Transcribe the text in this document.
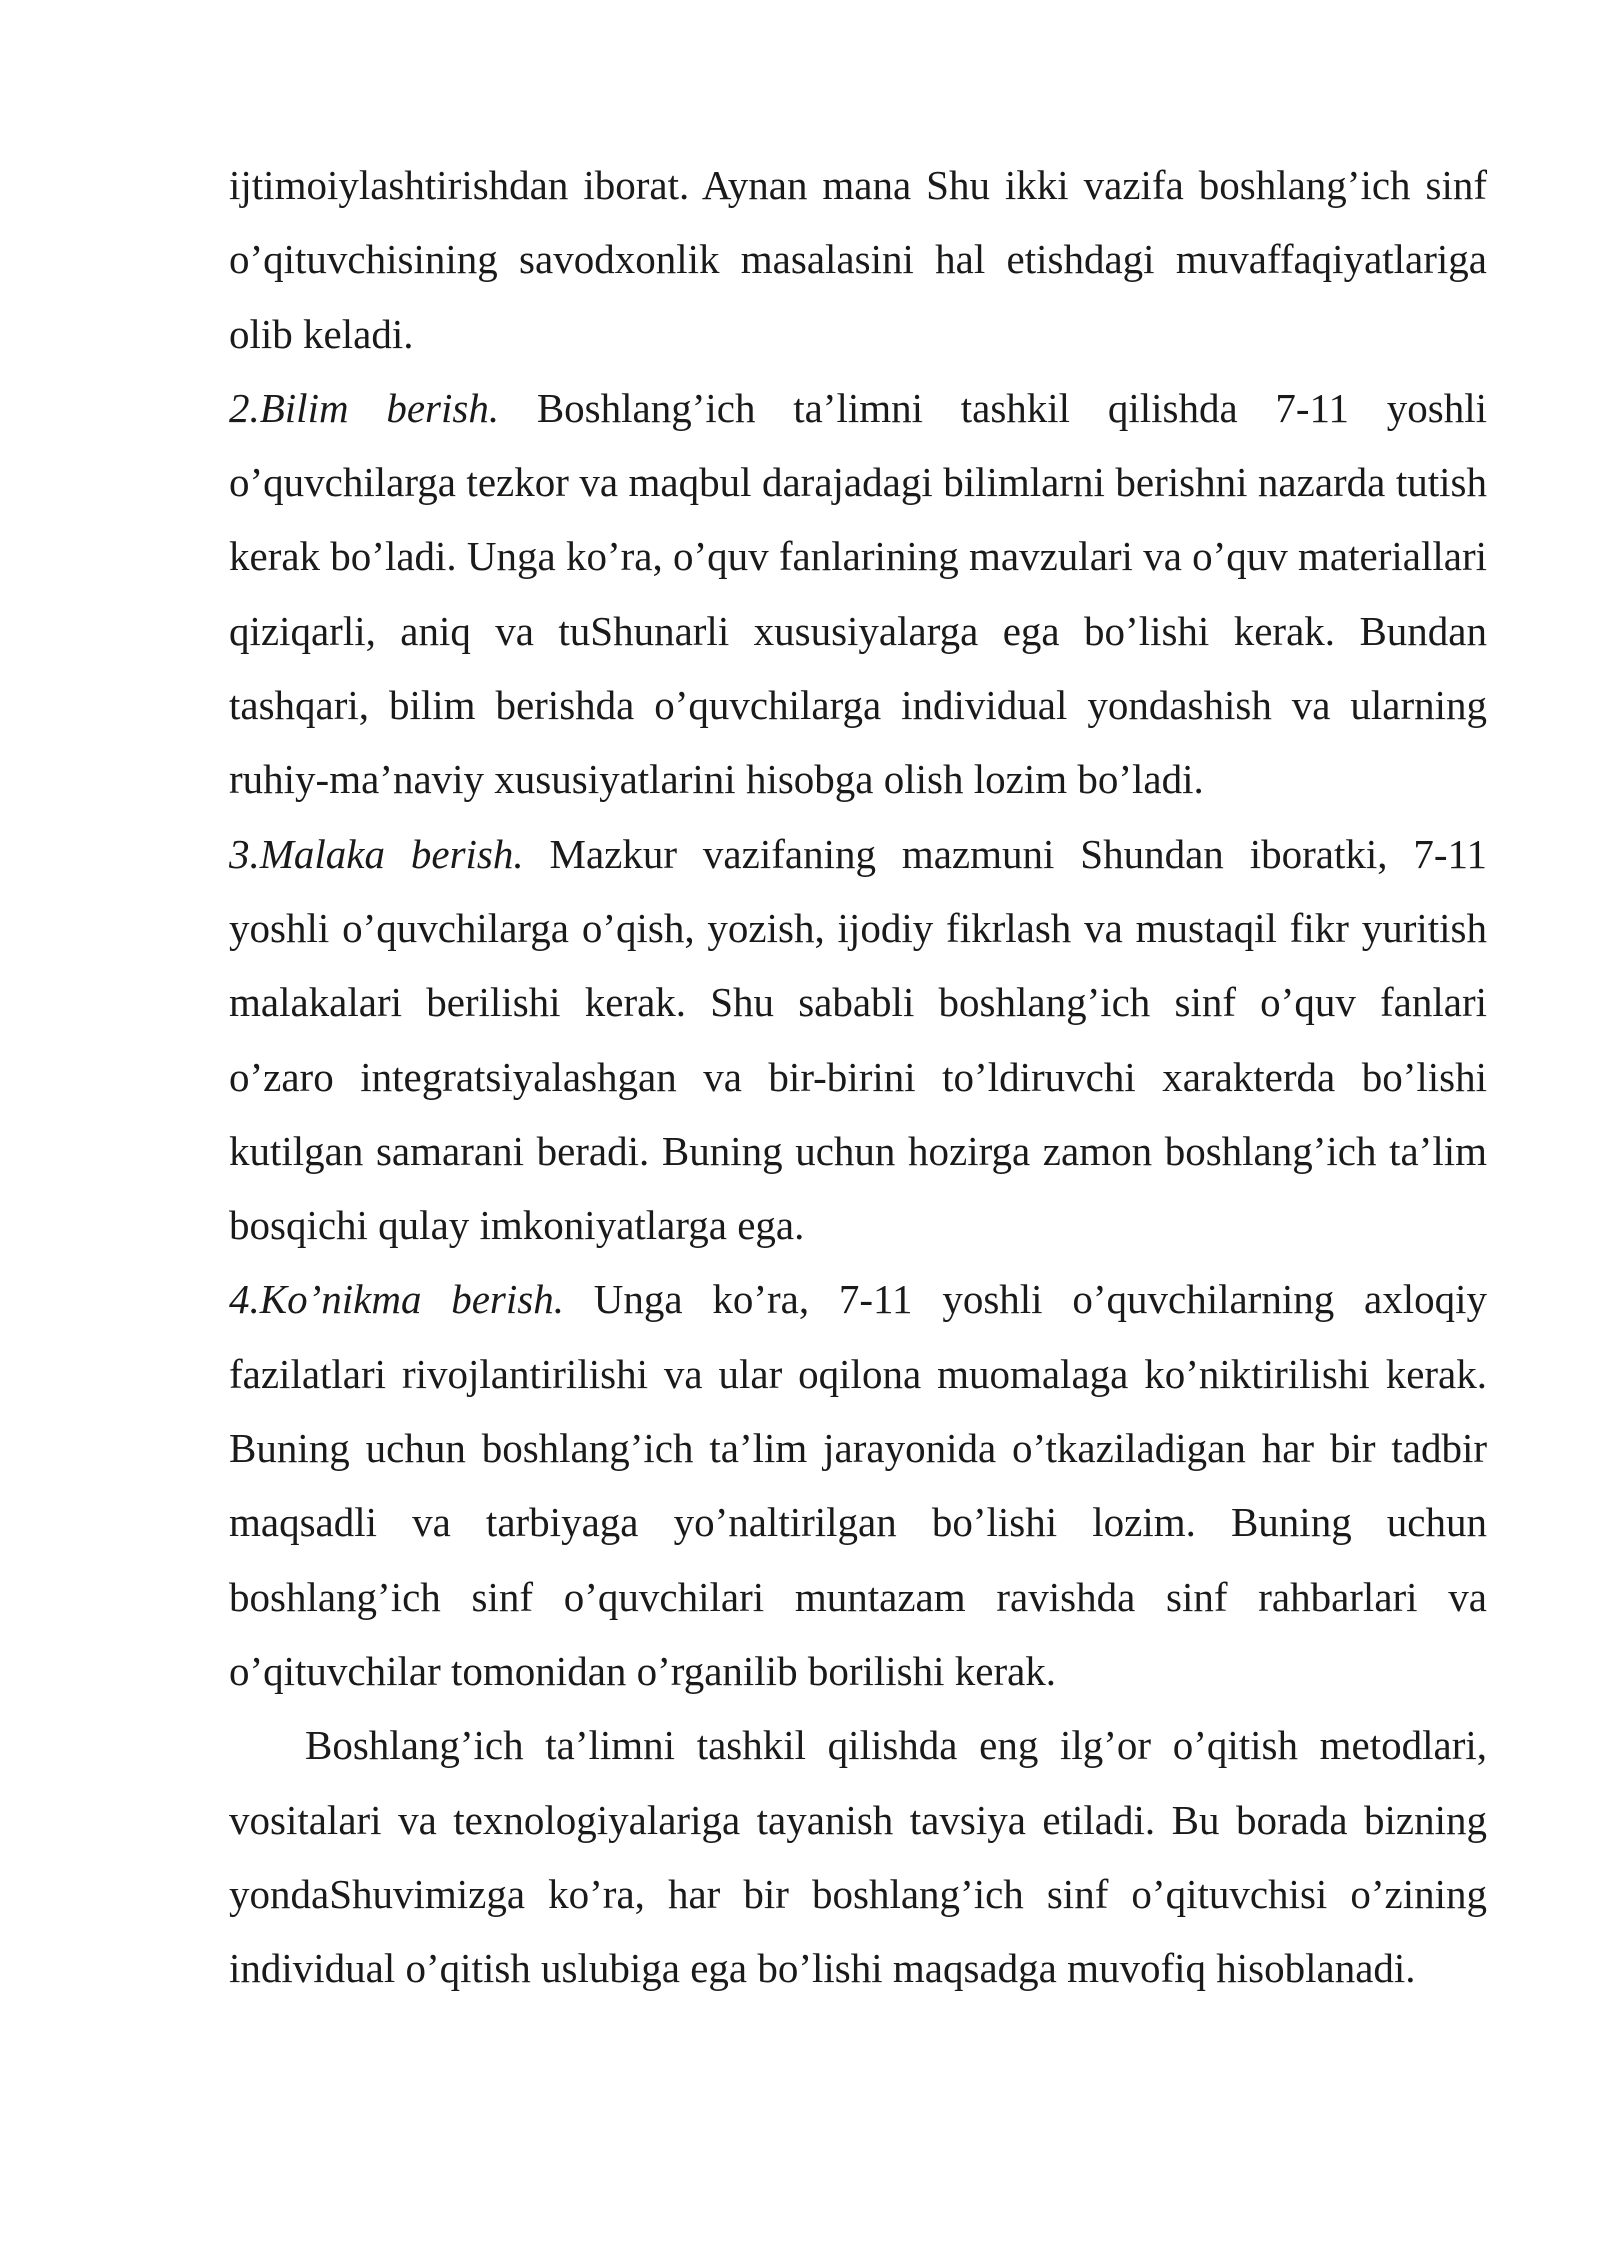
ijtimoiylashtirishdan iborat. Aynan mana Shu ikki vazifa boshlang’ich sinf o’qituvchisining savodxonlik masalasini hal etishdagi muvaffaqiyatlariga olib keladi.

2.Bilim berish. Boshlang’ich ta’limni tashkil qilishda 7-11 yoshli o’quvchilarga tezkor va maqbul darajadagi bilimlarni berishni nazarda tutish kerak bo’ladi. Unga ko’ra, o’quv fanlarining mavzulari va o’quv materiallari qiziqarli, aniq va tuShunarli xususiyalarga ega bo’lishi kerak. Bundan tashqari, bilim berishda o’quvchilarga individual yondashish va ularning ruhiy-ma’naviy xususiyatlarini hisobga olish lozim bo’ladi.

3.Malaka berish. Mazkur vazifaning mazmuni Shundan iboratki, 7-11 yoshli o’quvchilarga o’qish, yozish, ijodiy fikrlash va mustaqil fikr yuritish malakalari berilishi kerak. Shu sababli boshlang’ich sinf o’quv fanlari o’zaro integratsiyalashgan va bir-birini to’ldiruvchi xarakterda bo’lishi kutilgan samarani beradi. Buning uchun hozirga zamon boshlang’ich ta’lim bosqichi qulay imkoniyatlarga ega.

4.Ko’nikma berish. Unga ko’ra, 7-11 yoshli o’quvchilarning axloqiy fazilatlari rivojlantirilishi va ular oqilona muomalaga ko’niktirilishi kerak. Buning uchun boshlang’ich ta’lim jarayonida o’tkaziladigan har bir tadbir maqsadli va tarbiyaga yo’naltirilgan bo’lishi lozim. Buning uchun boshlang’ich sinf o’quvchilari muntazam ravishda sinf rahbarlari va o’qituvchilar tomonidan o’rganilib borilishi kerak.

Boshlang’ich ta’limni tashkil qilishda eng ilg’or o’qitish metodlari, vositalari va texnologiyalariga tayanish tavsiya etiladi. Bu borada bizning yondaShuvimizga ko’ra, har bir boshlang’ich sinf o’qituvchisi o’zining individual o’qitish uslubiga ega bo’lishi maqsadga muvofiq hisoblanadi.
